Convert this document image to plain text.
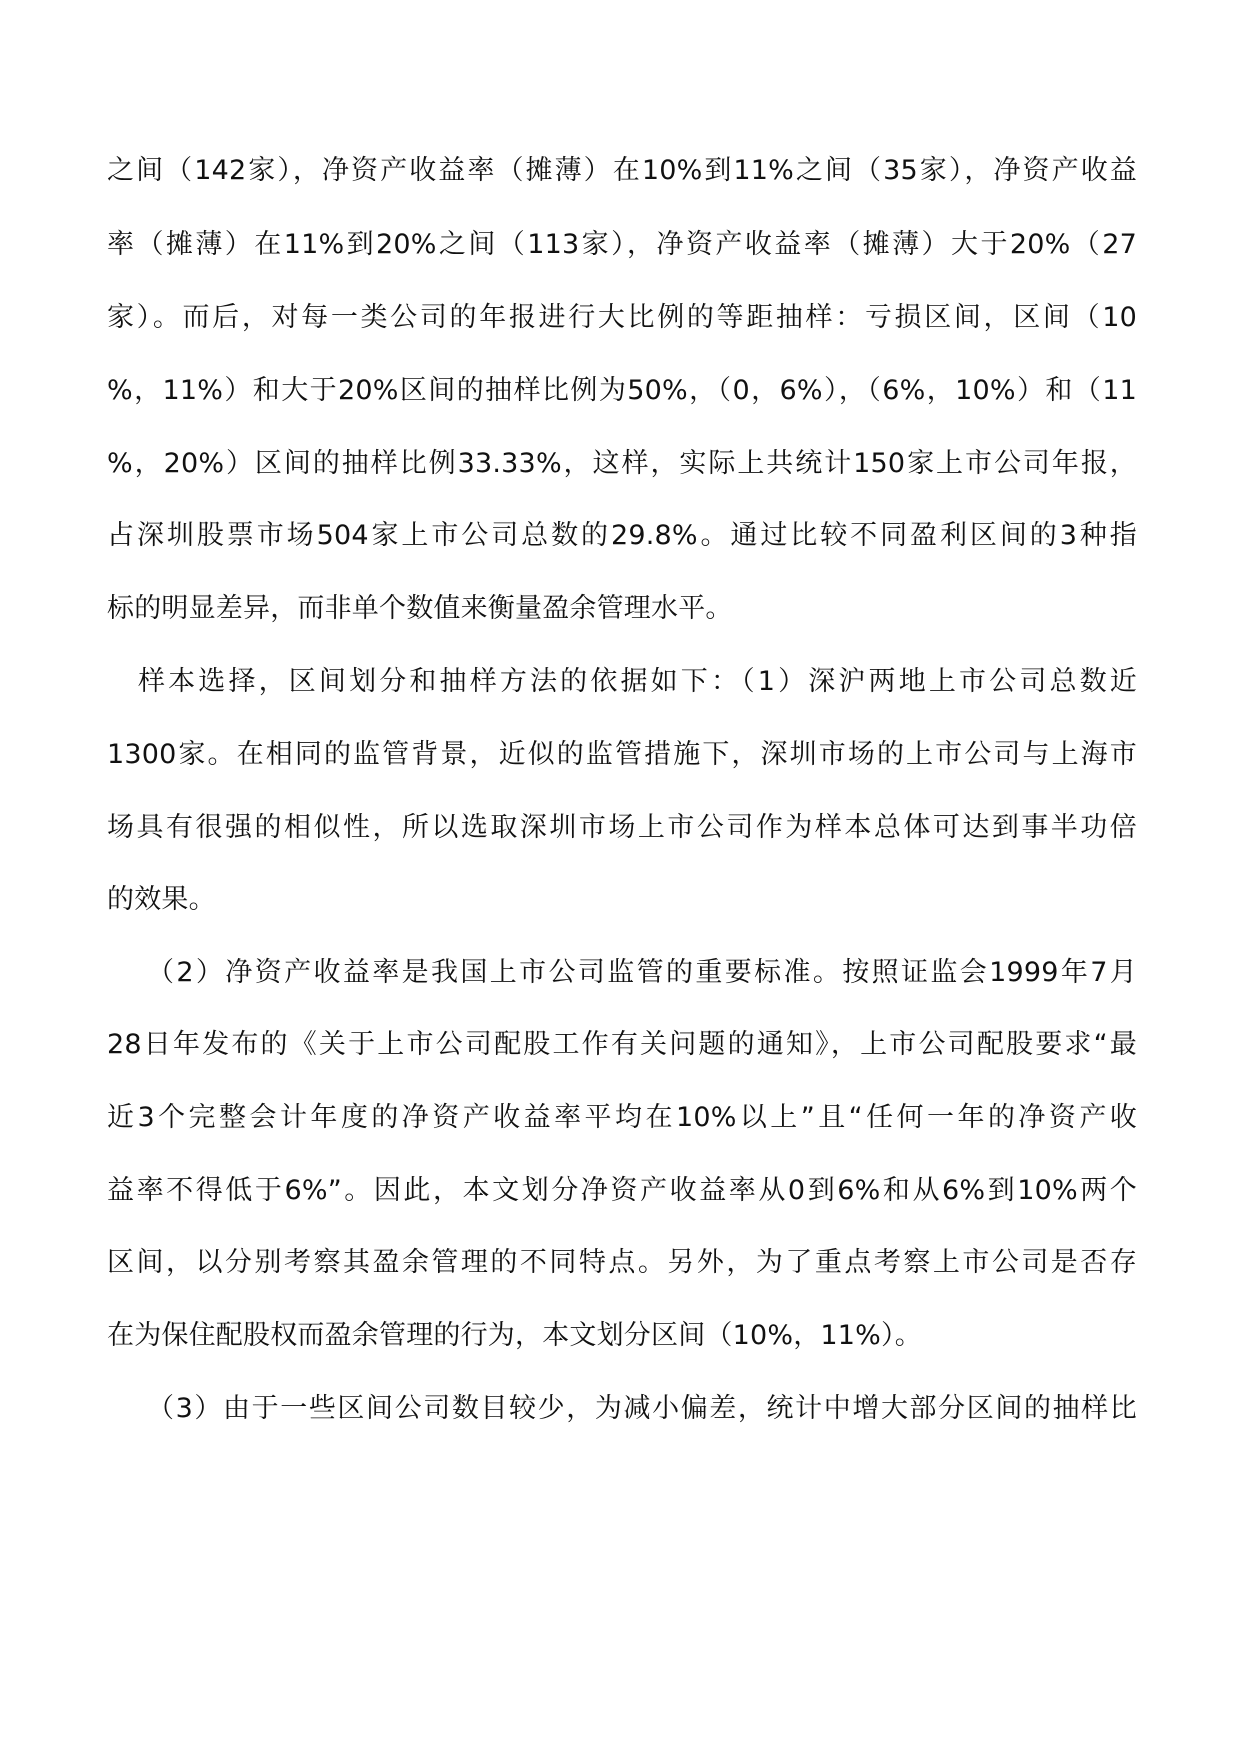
之间（142家），净资产收益率（摊薄）在10%到11%之间（35家），净资产收益
率（摊薄）在11%到20%之间（113家），净资产收益率（摊薄）大于20%（27
家）。而后，对每一类公司的年报进行大比例的等距抽样：亏损区间，区间（10
%，11%）和大于20%区间的抽样比例为50%，（0，6%），（6%，10%）和（11
%，20%）区间的抽样比例33.33%，这样，实际上共统计150家上市公司年报，
占深圳股票市场504家上市公司总数的29.8%。通过比较不同盈利区间的3种指
标的明显差异，而非单个数值来衡量盈余管理水平。
样本选择，区间划分和抽样方法的依据如下：（1）深沪两地上市公司总数近
1300家。在相同的监管背景，近似的监管措施下，深圳市场的上市公司与上海市
场具有很强的相似性，所以选取深圳市场上市公司作为样本总体可达到事半功倍
的效果。
（2）净资产收益率是我国上市公司监管的重要标准。按照证监会1999年7月
28日年发布的《关于上市公司配股工作有关问题的通知》，上市公司配股要求“最
近3个完整会计年度的净资产收益率平均在10%以上”且“任何一年的净资产收
益率不得低于6%”。因此，本文划分净资产收益率从0到6%和从6%到10%两个
区间，以分别考察其盈余管理的不同特点。另外，为了重点考察上市公司是否存
在为保住配股权而盈余管理的行为，本文划分区间（10%，11%）。
（3）由于一些区间公司数目较少，为减小偏差，统计中增大部分区间的抽样比
